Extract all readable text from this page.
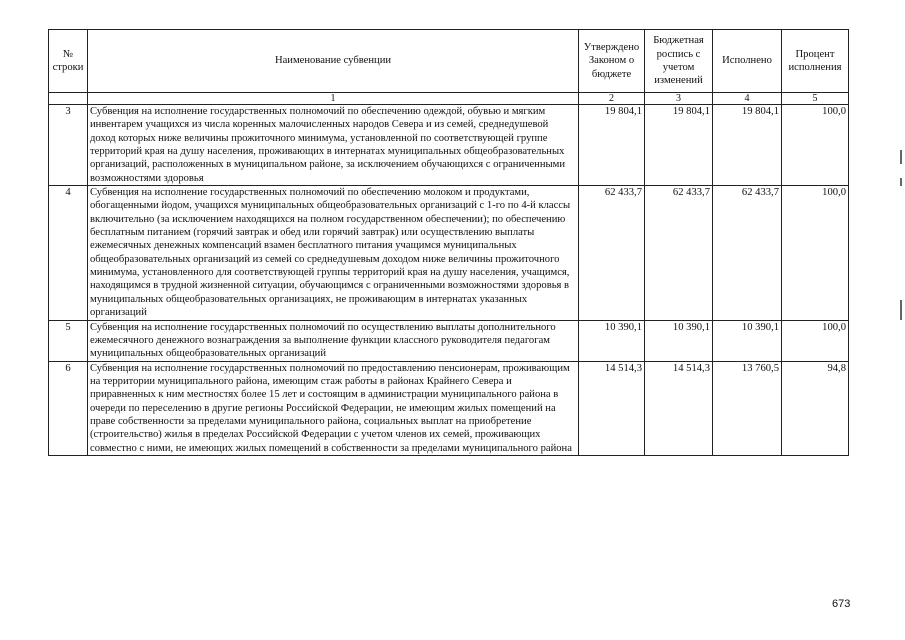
№ строки	Наименование субвенции	Утверждено Законом о бюджете	Бюджетная роспись с учетом изменений	Исполнено	Процент исполнения
	1	2	3	4	5
3	Субвенция на исполнение государственных полномочий по обеспечению одеждой, обувью и мягким инвентарем учащихся из числа коренных малочисленных народов Севера и из семей, среднедушевой доход которых ниже величины прожиточного минимума, установленной по соответствующей группе территорий края на душу населения, проживающих в интернатах муниципальных общеобразовательных организаций, расположенных в муниципальном районе, за исключением обучающихся с ограниченными возможностями здоровья	19 804,1	19 804,1	19 804,1	100,0
4	Субвенция на исполнение государственных полномочий по обеспечению молоком и продуктами, обогащенными йодом, учащихся муниципальных общеобразовательных организаций с 1-го по 4-й классы включительно (за исключением находящихся на полном государственном обеспечении); по обеспечению бесплатным питанием (горячий завтрак и обед или горячий завтрак) или осуществлению выплаты ежемесячных денежных компенсаций взамен бесплатного питания учащимся муниципальных общеобразовательных организаций из семей со среднедушевым доходом ниже величины прожиточного минимума, установленного для соответствующей группы территорий края на душу населения, учащимся, находящимся в трудной жизненной ситуации, обучающимся с ограниченными возможностями здоровья в муниципальных общеобразовательных организациях, не проживающим в интернатах указанных организаций	62 433,7	62 433,7	62 433,7	100,0
5	Субвенция на исполнение государственных полномочий по осуществлению выплаты дополнительного ежемесячного денежного вознаграждения за выполнение функции классного руководителя педагогам муниципальных общеобразовательных организаций	10 390,1	10 390,1	10 390,1	100,0
6	Субвенция на исполнение государственных полномочий по предоставлению пенсионерам, проживающим на территории муниципального района, имеющим стаж работы в районах Крайнего Севера и приравненных к ним местностях более 15 лет и состоящим в администрации муниципального района в очереди по переселению в другие регионы Российской Федерации, не имеющим жилых помещений на праве собственности за пределами муниципального района, социальных выплат на приобретение (строительство) жилья в пределах Российской Федерации с учетом членов их семей, проживающих совместно с ними, не имеющих жилых помещений в собственности за пределами муниципального района	14 514,3	14 514,3	13 760,5	94,8
673
